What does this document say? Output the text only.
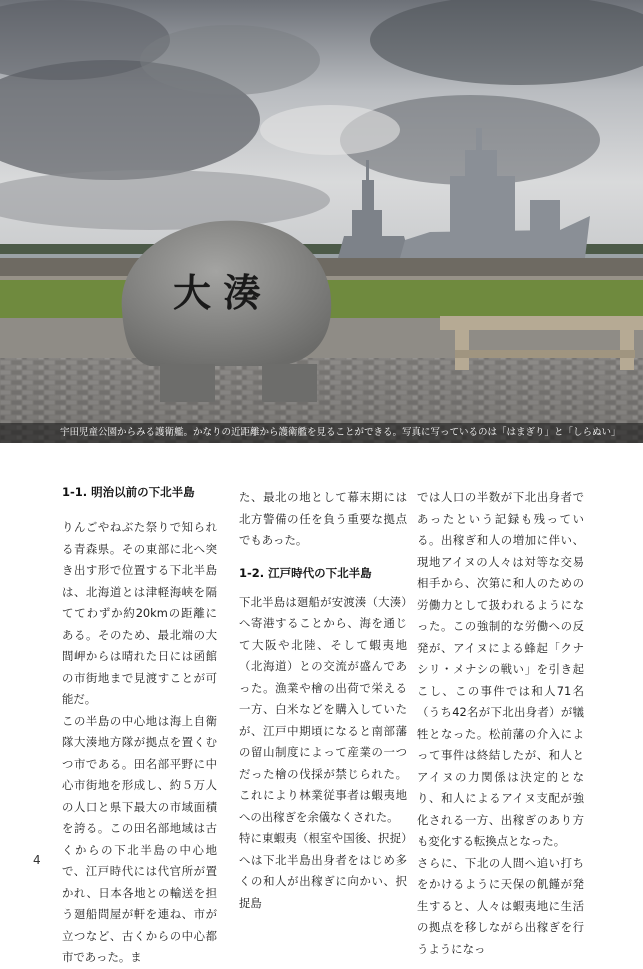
大湊
宇田児童公園からみる護衛艦。かなりの近距離から護衛艦を見ることができる。写真に写っているのは「はまぎり」と「しらぬい」
1-1. 明治以前の下北半島

りんごやねぶた祭りで知られる青森県。その東部に北へ突き出す形で位置する下北半島は、北海道とは津軽海峡を隔ててわずか約20kmの距離にある。そのため、最北端の大間岬からは晴れた日には函館の市街地まで見渡すことが可能だ。

この半島の中心地は海上自衛隊大湊地方隊が拠点を置くむつ市である。田名部平野に中心市街地を形成し、約５万人の人口と県下最大の市域面積を誇る。この田名部地域は古くからの下北半島の中心地で、江戸時代には代官所が置かれ、日本各地との輸送を担う廻船問屋が軒を連ね、市が立つなど、古くからの中心都市であった。ま

た、最北の地として幕末期には北方警備の任を負う重要な拠点でもあった。

1-2. 江戸時代の下北半島

下北半島は廻船が安渡湊（大湊）へ寄港することから、海を通じて大阪や北陸、そして蝦夷地（北海道）との交流が盛んであった。漁業や檜の出荷で栄える一方、白米などを購入していたが、江戸中期頃になると南部藩の留山制度によって産業の一つだった檜の伐採が禁じられた。これにより林業従事者は蝦夷地への出稼ぎを余儀なくされた。

特に東蝦夷（根室や国後、択捉）へは下北半島出身者をはじめ多くの和人が出稼ぎに向かい、択捉島

では人口の半数が下北出身者であったという記録も残っている。出稼ぎ和人の増加に伴い、現地アイヌの人々は対等な交易相手から、次第に和人のための労働力として扱われるようになった。この強制的な労働への反発が、アイヌによる蜂起「クナシリ・メナシの戦い」を引き起こし、この事件では和人71名（うち42名が下北出身者）が犠牲となった。松前藩の介入によって事件は終結したが、和人とアイヌの力関係は決定的となり、和人によるアイヌ支配が強化される一方、出稼ぎのあり方も変化する転換点となった。

さらに、下北の人間へ追い打ちをかけるように天保の飢饉が発生すると、人々は蝦夷地に生活の拠点を移しながら出稼ぎを行うようになっ

4
